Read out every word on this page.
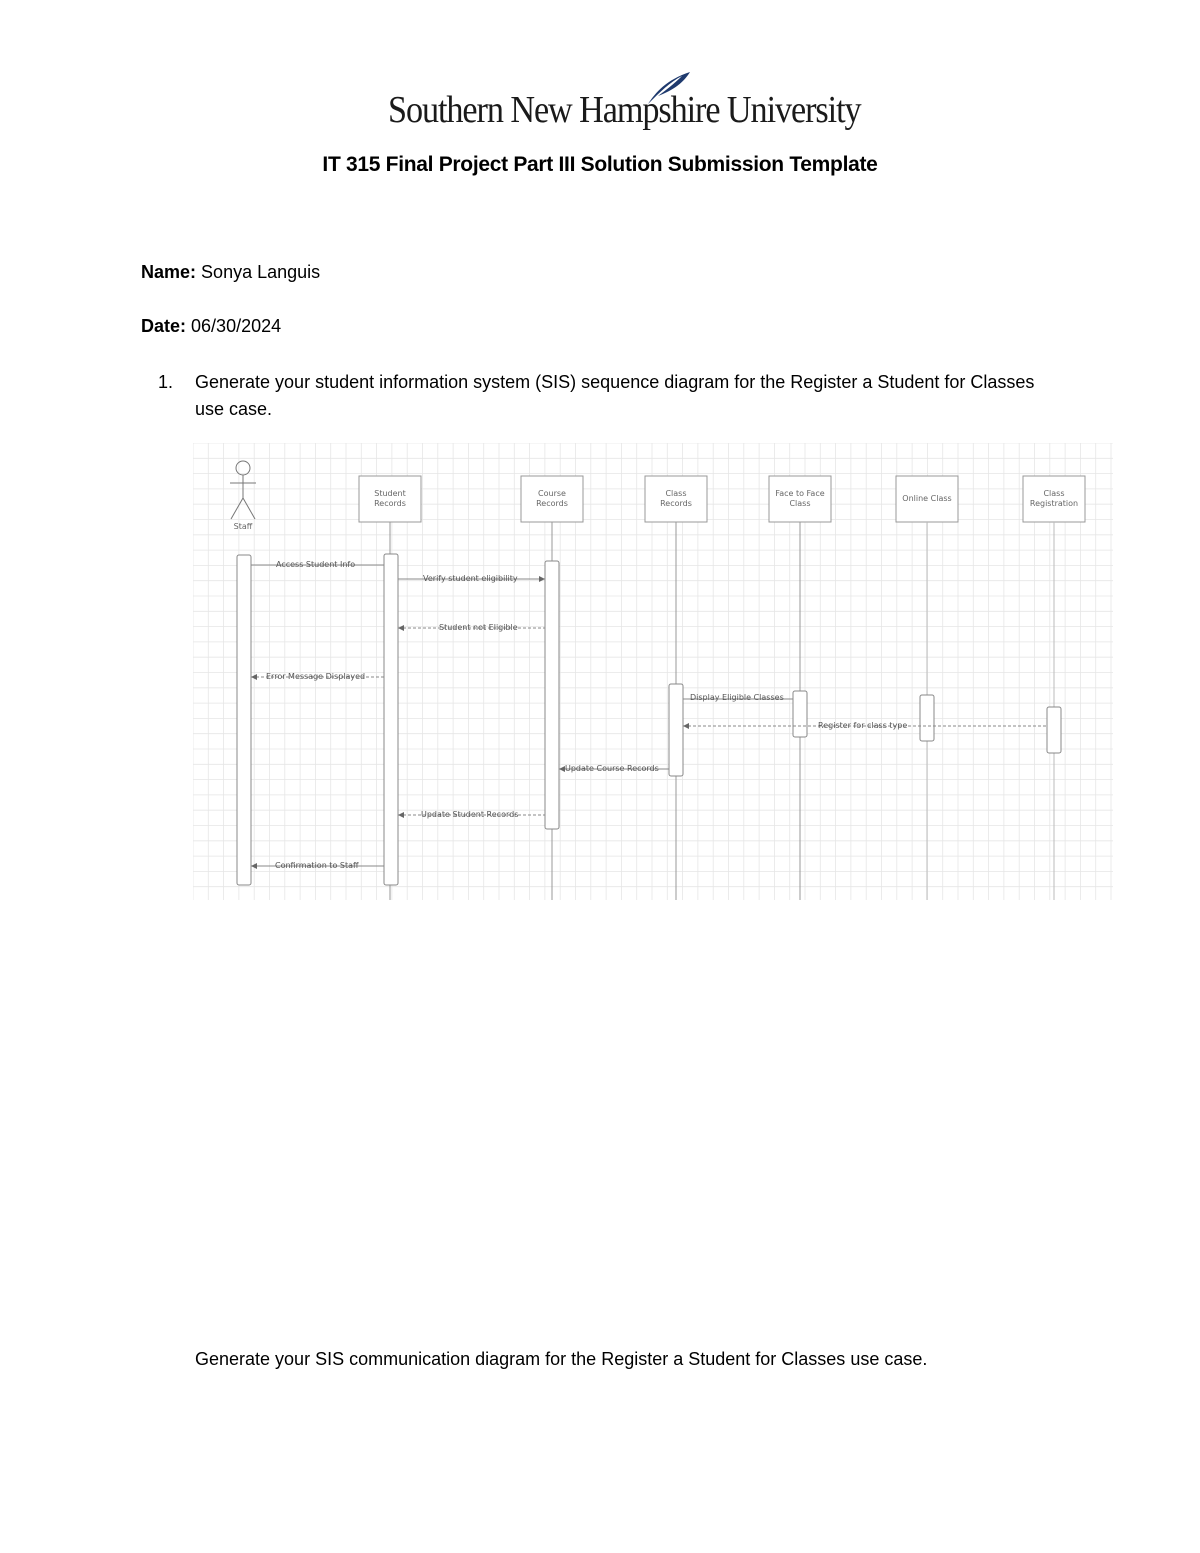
Southern New Hampshire University
IT 315 Final Project Part III Solution Submission Template
Name: Sonya Languis
Date: 06/30/2024
1. Generate your student information system (SIS) sequence diagram for the Register a Student for Classes use case.
Staff
Student Records
Course Records
Class Records
Face to Face Class
Online Class
Class Registration
Access Student Info
Verify student eligibility
Student not Eligible
Error Message Displayed
Display Eligible Classes
Register for class type
Update Course Records
Update Student Records
Confirmation to Staff
Generate your SIS communication diagram for the Register a Student for Classes use case.
